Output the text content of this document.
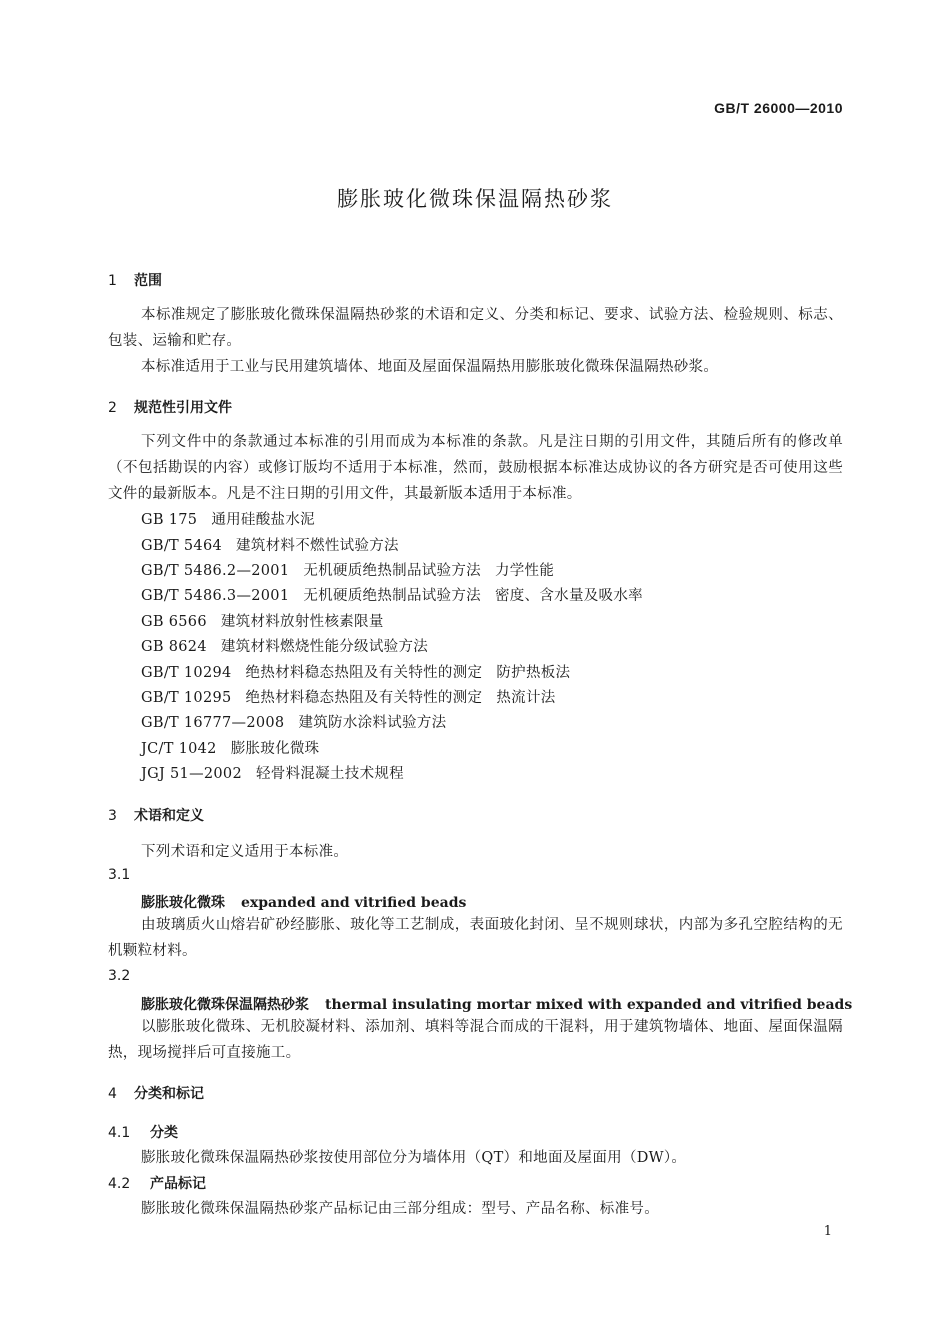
GB/T 26000—2010
膨胀玻化微珠保温隔热砂浆
1 范围
本标准规定了膨胀玻化微珠保温隔热砂浆的术语和定义、分类和标记、要求、试验方法、检验规则、标志、包装、运输和贮存。
本标准适用于工业与民用建筑墙体、地面及屋面保温隔热用膨胀玻化微珠保温隔热砂浆。
2 规范性引用文件
下列文件中的条款通过本标准的引用而成为本标准的条款。凡是注日期的引用文件，其随后所有的修改单（不包括勘误的内容）或修订版均不适用于本标准，然而，鼓励根据本标准达成协议的各方研究是否可使用这些文件的最新版本。凡是不注日期的引用文件，其最新版本适用于本标准。
GB 175 通用硅酸盐水泥
GB/T 5464 建筑材料不燃性试验方法
GB/T 5486.2—2001 无机硬质绝热制品试验方法 力学性能
GB/T 5486.3—2001 无机硬质绝热制品试验方法 密度、含水量及吸水率
GB 6566 建筑材料放射性核素限量
GB 8624 建筑材料燃烧性能分级试验方法
GB/T 10294 绝热材料稳态热阻及有关特性的测定 防护热板法
GB/T 10295 绝热材料稳态热阻及有关特性的测定 热流计法
GB/T 16777—2008 建筑防水涂料试验方法
JC/T 1042 膨胀玻化微珠
JGJ 51—2002 轻骨料混凝土技术规程
3 术语和定义
下列术语和定义适用于本标准。
3.1
膨胀玻化微珠 expanded and vitrified beads
由玻璃质火山熔岩矿砂经膨胀、玻化等工艺制成，表面玻化封闭、呈不规则球状，内部为多孔空腔结构的无机颗粒材料。
3.2
膨胀玻化微珠保温隔热砂浆 thermal insulating mortar mixed with expanded and vitrified beads
以膨胀玻化微珠、无机胶凝材料、添加剂、填料等混合而成的干混料，用于建筑物墙体、地面、屋面保温隔热，现场搅拌后可直接施工。
4 分类和标记
4.1 分类
膨胀玻化微珠保温隔热砂浆按使用部位分为墙体用（QT）和地面及屋面用（DW）。
4.2 产品标记
膨胀玻化微珠保温隔热砂浆产品标记由三部分组成：型号、产品名称、标准号。
1
